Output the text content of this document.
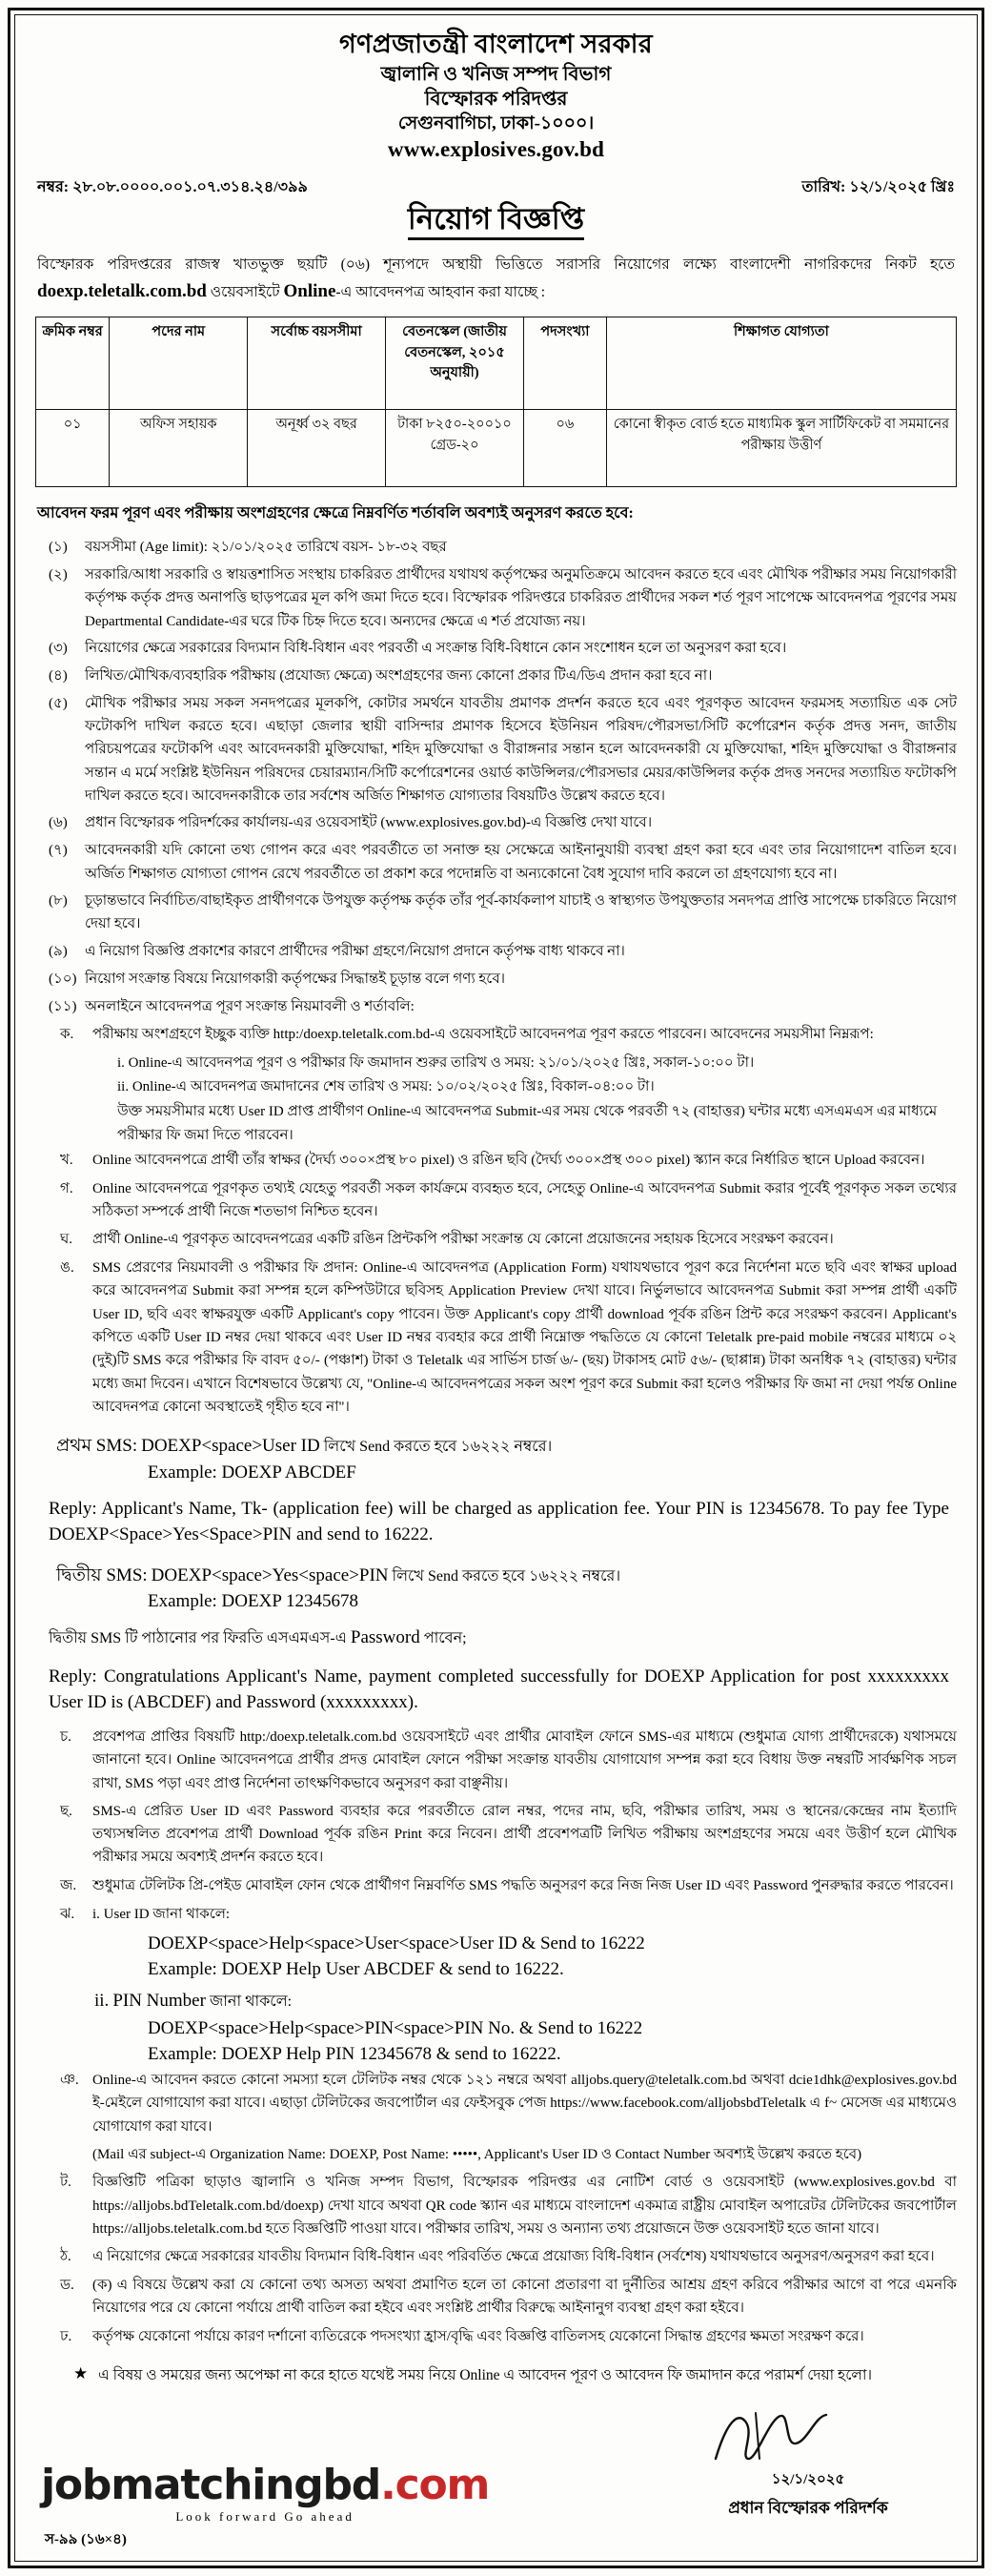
গণপ্রজাতন্ত্রী বাংলাদেশ সরকার
জ্বালানি ও খনিজ সম্পদ বিভাগ
বিস্ফোরক পরিদপ্তর
সেগুনবাগিচা, ঢাকা-১০০০।
www.explosives.gov.bd
নম্বর: ২৮.০৮.০০০০.০০১.০৭.৩১৪.২৪/৩৯৯	তারিখ: ১২/১/২০২৫ খ্রিঃ
নিয়োগ বিজ্ঞপ্তি

বিস্ফোরক পরিদপ্তরের রাজস্ব খাতভুক্ত ছয়টি (০৬) শূন্যপদে অস্থায়ী ভিত্তিতে সরাসরি নিয়োগের লক্ষ্যে বাংলাদেশী নাগরিকদের নিকট হতে doexp.teletalk.com.bd ওয়েবসাইটে Online-এ আবেদনপত্র আহবান করা যাচ্ছে :

ক্রমিক নম্বর	পদের নাম	সর্বোচ্চ বয়সসীমা	বেতনস্কেল (জাতীয় বেতনস্কেল, ২০১৫ অনুযায়ী)	পদসংখ্যা	শিক্ষাগত যোগ্যতা
০১	অফিস সহায়ক	অনূর্ধ্ব ৩২ বছর	টাকা ৮২৫০-২০০১০ গ্রেড-২০	০৬	কোনো স্বীকৃত বোর্ড হতে মাধ্যমিক স্কুল সার্টিফিকেট বা সমমানের পরীক্ষায় উত্তীর্ণ
আবেদন ফরম পূরণ এবং পরীক্ষায় অংশগ্রহণের ক্ষেত্রে নিম্নবর্ণিত শর্তাবলি অবশ্যই অনুসরণ করতে হবে:
(১)	বয়সসীমা (Age limit): ২১/০১/২০২৫ তারিখে বয়স- ১৮-৩২ বছর
(২)	সরকারি/আধা সরকারি ও স্বায়ত্তশাসিত সংস্থায় চাকরিরত প্রার্থীদের যথাযথ কর্তৃপক্ষের অনুমতিক্রমে আবেদন করতে হবে এবং মৌখিক পরীক্ষার সময় নিয়োগকারী কর্তৃপক্ষ কর্তৃক প্রদত্ত অনাপত্তি ছাড়পত্রের মূল কপি জমা দিতে হবে। বিস্ফোরক পরিদপ্তরে চাকরিরত প্রার্থীদের সকল শর্ত পূরণ সাপেক্ষে আবেদনপত্র পূরণের সময় Departmental Candidate-এর ঘরে টিক চিহ্ন দিতে হবে। অন্যদের ক্ষেত্রে এ শর্ত প্রযোজ্য নয়।
(৩)	নিয়োগের ক্ষেত্রে সরকারের বিদ্যমান বিধি-বিধান এবং পরবর্তী এ সংক্রান্ত বিধি-বিধানে কোন সংশোধন হলে তা অনুসরণ করা হবে।
(৪)	লিখিত/মৌখিক/ব্যবহারিক পরীক্ষায় (প্রযোজ্য ক্ষেত্রে) অংশগ্রহণের জন্য কোনো প্রকার টিএ/ডিএ প্রদান করা হবে না।
(৫)	মৌখিক পরীক্ষার সময় সকল সনদপত্রের মূলকপি, কোটার সমর্থনে যাবতীয় প্রমাণক প্রদর্শন করতে হবে এবং পূরণকৃত আবেদন ফরমসহ সত্যায়িত এক সেট ফটোকপি দাখিল করতে হবে। এছাড়া জেলার স্থায়ী বাসিন্দার প্রমাণক হিসেবে ইউনিয়ন পরিষদ/পৌরসভা/সিটি কর্পোরেশন কর্তৃক প্রদত্ত সনদ, জাতীয় পরিচয়পত্রের ফটোকপি এবং আবেদনকারী মুক্তিযোদ্ধা, শহিদ মুক্তিযোদ্ধা ও বীরাঙ্গনার সন্তান হলে আবেদনকারী যে মুক্তিযোদ্ধা, শহিদ মুক্তিযোদ্ধা ও বীরাঙ্গনার সন্তান এ মর্মে সংশ্লিষ্ট ইউনিয়ন পরিষদের চেয়ারম্যান/সিটি কর্পোরেশনের ওয়ার্ড কাউন্সিলর/পৌরসভার মেয়র/কাউন্সিলর কর্তৃক প্রদত্ত সনদের সত্যায়িত ফটোকপি দাখিল করতে হবে। আবেদনকারীকে তার সর্বশেষ অর্জিত শিক্ষাগত যোগ্যতার বিষয়টিও উল্লেখ করতে হবে।
(৬)	প্রধান বিস্ফোরক পরিদর্শকের কার্যালয়-এর ওয়েবসাইট (www.explosives.gov.bd)-এ বিজ্ঞপ্তি দেখা যাবে।
(৭)	আবেদনকারী যদি কোনো তথ্য গোপন করে এবং পরবর্তীতে তা সনাক্ত হয় সেক্ষেত্রে আইনানুযায়ী ব্যবস্থা গ্রহণ করা হবে এবং তার নিয়োগাদেশ বাতিল হবে। অর্জিত শিক্ষাগত যোগ্যতা গোপন রেখে পরবর্তীতে তা প্রকাশ করে পদোন্নতি বা অন্যকোনো বৈধ সুযোগ দাবি করলে তা গ্রহণযোগ্য হবে না।
(৮)	চূড়ান্তভাবে নির্বাচিত/বাছাইকৃত প্রার্থীগণকে উপযুক্ত কর্তৃপক্ষ কর্তৃক তাঁর পূর্ব-কার্যকলাপ যাচাই ও স্বাস্থ্যগত উপযুক্ততার সনদপত্র প্রাপ্তি সাপেক্ষে চাকরিতে নিয়োগ দেয়া হবে।
(৯)	এ নিয়োগ বিজ্ঞপ্তি প্রকাশের কারণে প্রার্থীদের পরীক্ষা গ্রহণে/নিয়োগ প্রদানে কর্তৃপক্ষ বাধ্য থাকবে না।
(১০) নিয়োগ সংক্রান্ত বিষয়ে নিয়োগকারী কর্তৃপক্ষের সিদ্ধান্তই চূড়ান্ত বলে গণ্য হবে।
(১১) অনলাইনে আবেদনপত্র পূরণ সংক্রান্ত নিয়মাবলী ও শর্তাবলি:
ক.	পরীক্ষায় অংশগ্রহণে ইচ্ছুক ব্যক্তি http:/doexp.teletalk.com.bd-এ ওয়েবসাইটে আবেদনপত্র পূরণ করতে পারবেন। আবেদনের সময়সীমা নিম্নরূপ:
i. Online-এ আবেদনপত্র পূরণ ও পরীক্ষার ফি জমাদান শুরুর তারিখ ও সময়: ২১/০১/২০২৫ খ্রিঃ, সকাল-১০:০০ টা।
ii. Online-এ আবেদনপত্র জমাদানের শেষ তারিখ ও সময়: ১০/০২/২০২৫ খ্রিঃ, বিকাল-০৪:০০ টা।
উক্ত সময়সীমার মধ্যে User ID প্রাপ্ত প্রার্থীগণ Online-এ আবেদনপত্র Submit-এর সময় থেকে পরবর্তী ৭২ (বাহাত্তর) ঘন্টার মধ্যে এসএমএস এর মাধ্যমে পরীক্ষার ফি জমা দিতে পারবেন।
খ.	Online আবেদনপত্রে প্রার্থী তাঁর স্বাক্ষর (দৈর্ঘ্য ৩০০×প্রস্থ ৮০ pixel) ও রঙিন ছবি (দৈর্ঘ্য ৩০০×প্রস্থ ৩০০ pixel) স্ক্যান করে নির্ধারিত স্থানে Upload করবেন।
গ.	Online আবেদনপত্রে পূরণকৃত তথ্যই যেহেতু পরবর্তী সকল কার্যক্রমে ব্যবহৃত হবে, সেহেতু Online-এ আবেদনপত্র Submit করার পূর্বেই পূরণকৃত সকল তথ্যের সঠিকতা সম্পর্কে প্রার্থী নিজে শতভাগ নিশ্চিত হবেন।
ঘ.	প্রার্থী Online-এ পূরণকৃত আবেদনপত্রের একটি রঙিন প্রিন্টকপি পরীক্ষা সংক্রান্ত যে কোনো প্রয়োজনের সহায়ক হিসেবে সংরক্ষণ করবেন।
ঙ.	SMS প্রেরণের নিয়মাবলী ও পরীক্ষার ফি প্রদান: Online-এ আবেদনপত্র (Application Form) যথাযথভাবে পূরণ করে নির্দেশনা মতে ছবি এবং স্বাক্ষর upload করে আবেদনপত্র Submit করা সম্পন্ন হলে কম্পিউটারে ছবিসহ Application Preview দেখা যাবে। নির্ভুলভাবে আবেদনপত্র Submit করা সম্পন্ন প্রার্থী একটি User ID, ছবি এবং স্বাক্ষরযুক্ত একটি Applicant's copy পাবেন। উক্ত Applicant's copy প্রার্থী download পূর্বক রঙিন প্রিন্ট করে সংরক্ষণ করবেন। Applicant's কপিতে একটি User ID নম্বর দেয়া থাকবে এবং User ID নম্বর ব্যবহার করে প্রার্থী নিম্নোক্ত পদ্ধতিতে যে কোনো Teletalk pre-paid mobile নম্বরের মাধ্যমে ০২ (দুই)টি SMS করে পরীক্ষার ফি বাবদ ৫০/- (পঞ্চাশ) টাকা ও Teletalk এর সার্ভিস চার্জ ৬/- (ছয়) টাকাসহ মোট ৫৬/- (ছাপ্পান্ন) টাকা অনধিক ৭২ (বাহাত্তর) ঘন্টার মধ্যে জমা দিবেন। এখানে বিশেষভাবে উল্লেখ্য যে, "Online-এ আবেদনপত্রের সকল অংশ পূরণ করে Submit করা হলেও পরীক্ষার ফি জমা না দেয়া পর্যন্ত Online আবেদনপত্র কোনো অবস্থাতেই গৃহীত হবে না"।
প্রথম SMS: DOEXP<space>User ID লিখে Send করতে হবে ১৬২২২ নম্বরে।
Example: DOEXP ABCDEF
Reply: Applicant's Name, Tk- (application fee) will be charged as application fee. Your PIN is 12345678. To pay fee Type DOEXP<Space>Yes<Space>PIN and send to 16222.
দ্বিতীয় SMS: DOEXP<space>Yes<space>PIN লিখে Send করতে হবে ১৬২২২ নম্বরে।
Example: DOEXP 12345678
দ্বিতীয় SMS টি পাঠানোর পর ফিরতি এসএমএস-এ Password পাবেন;
Reply: Congratulations Applicant's Name, payment completed successfully for DOEXP Application for post xxxxxxxxx User ID is (ABCDEF) and Password (xxxxxxxxx).
চ.	প্রবেশপত্র প্রাপ্তির বিষয়টি http:/doexp.teletalk.com.bd ওয়েবসাইটে এবং প্রার্থীর মোবাইল ফোনে SMS-এর মাধ্যমে (শুধুমাত্র যোগ্য প্রার্থীদেরকে) যথাসময়ে জানানো হবে। Online আবেদনপত্রে প্রার্থীর প্রদত্ত মোবাইল ফোনে পরীক্ষা সংক্রান্ত যাবতীয় যোগাযোগ সম্পন্ন করা হবে বিধায় উক্ত নম্বরটি সার্বক্ষণিক সচল রাখা, SMS পড়া এবং প্রাপ্ত নির্দেশনা তাৎক্ষণিকভাবে অনুসরণ করা বাঞ্ছনীয়।
ছ.	SMS-এ প্রেরিত User ID এবং Password ব্যবহার করে পরবর্তীতে রোল নম্বর, পদের নাম, ছবি, পরীক্ষার তারিখ, সময় ও স্থানের/কেন্দ্রের নাম ইত্যাদি তথ্যসম্বলিত প্রবেশপত্র প্রার্থী Download পূর্বক রঙিন Print করে নিবেন। প্রার্থী প্রবেশপত্রটি লিখিত পরীক্ষায় অংশগ্রহণের সময়ে এবং উত্তীর্ণ হলে মৌখিক পরীক্ষার সময়ে অবশ্যই প্রদর্শন করতে হবে।
জ.	শুধুমাত্র টেলিটক প্রি-পেইড মোবাইল ফোন থেকে প্রার্থীগণ নিম্নবর্ণিত SMS পদ্ধতি অনুসরণ করে নিজ নিজ User ID এবং Password পুনরুদ্ধার করতে পারবেন।
ঝ.	i. User ID জানা থাকলে:
DOEXP<space>Help<space>User<space>User ID & Send to 16222
Example: DOEXP Help User ABCDEF & send to 16222.
ii. PIN Number জানা থাকলে:
DOEXP<space>Help<space>PIN<space>PIN No. & Send to 16222
Example: DOEXP Help PIN 12345678 & send to 16222.
ঞ. Online-এ আবেদন করতে কোনো সমস্যা হলে টেলিটক নম্বর থেকে ১২১ নম্বরে অথবা alljobs.query@teletalk.com.bd অথবা dcie1dhk@explosives.gov.bd ই-মেইলে যোগাযোগ করা যাবে। এছাড়া টেলিটকের জবপোর্টাল এর ফেইসবুক পেজ https://www.facebook.com/alljobsbdTeletalk এ f~ মেসেজ এর মাধ্যমেও যোগাযোগ করা যাবে।
(Mail এর subject-এ Organization Name: DOEXP, Post Name: •••••, Applicant's User ID ও Contact Number অবশ্যই উল্লেখ করতে হবে)
ট.	বিজ্ঞপ্তিটি পত্রিকা ছাড়াও জ্বালানি ও খনিজ সম্পদ বিভাগ, বিস্ফোরক পরিদপ্তর এর নোটিশ বোর্ড ও ওয়েবসাইট (www.explosives.gov.bd বা https://alljobs.bdTeletalk.com.bd/doexp) দেখা যাবে অথবা QR code স্ক্যান এর মাধ্যমে বাংলাদেশ একমাত্র রাষ্ট্রীয় মোবাইল অপারেটর টেলিটকের জবপোর্টাল https://alljobs.teletalk.com.bd হতে বিজ্ঞপ্তিটি পাওয়া যাবে। পরীক্ষার তারিখ, সময় ও অন্যান্য তথ্য প্রয়োজনে উক্ত ওয়েবসাইট হতে জানা যাবে।
ঠ.	এ নিয়োগের ক্ষেত্রে সরকারের যাবতীয় বিদ্যমান বিধি-বিধান এবং পরিবর্তিত ক্ষেত্রে প্রয়োজ্য বিধি-বিধান (সর্বশেষ) যথাযথভাবে অনুসরণ/অনুসরণ করা হবে।
ড.	(ক) এ বিষয়ে উল্লেখ করা যে কোনো তথ্য অসত্য অথবা প্রমাণিত হলে তা কোনো প্রতারণা বা দুর্নীতির আশ্রয় গ্রহণ করিবে পরীক্ষার আগে বা পরে এমনকি নিয়োগের পরে যে কোনো পর্যায়ে প্রার্থী বাতিল করা হইবে এবং সংশ্লিষ্ট প্রার্থীর বিরুদ্ধে আইনানুগ ব্যবস্থা গ্রহণ করা হইবে।
ঢ.	কর্তৃপক্ষ যেকোনো পর্যায়ে কারণ দর্শানো ব্যতিরেকে পদসংখ্যা হ্রাস/বৃদ্ধি এবং বিজ্ঞপ্তি বাতিলসহ যেকোনো সিদ্ধান্ত গ্রহণের ক্ষমতা সংরক্ষণ করে।
★ এ বিষয় ও সময়ের জন্য অপেক্ষা না করে হাতে যথেষ্ট সময় নিয়ে Online এ আবেদন পূরণ ও আবেদন ফি জমাদান করে পরামর্শ দেয়া হলো।
jobmatchingbd.com
Look forward Go ahead
১২/১/২০২৫
প্রধান বিস্ফোরক পরিদর্শক
স-৯৯ (১৬×৪)
